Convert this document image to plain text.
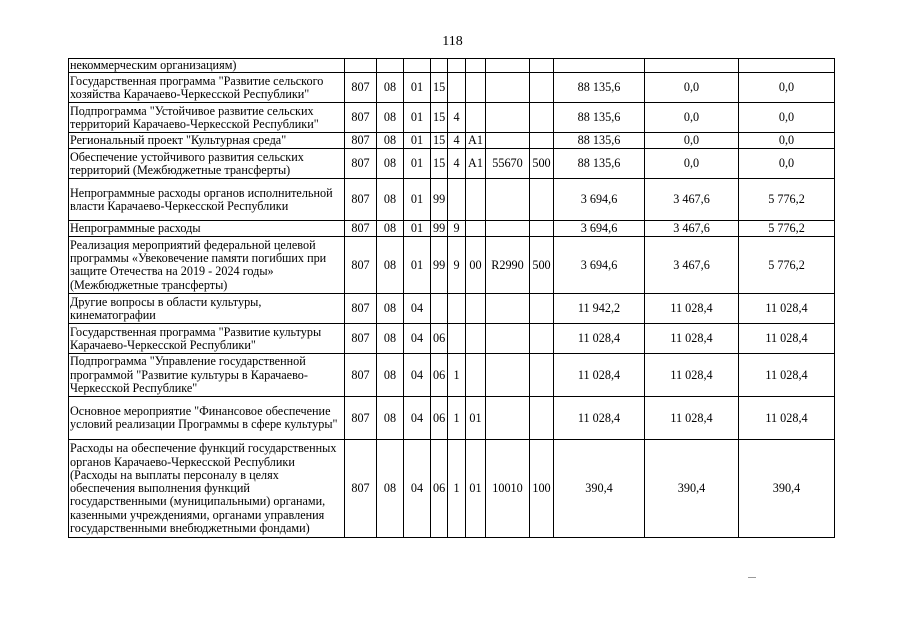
118
некоммерческим организациям)											
Государственная программа "Развитие сельского хозяйства Карачаево-Черкесской Республики"	807	08	01	15					88 135,6	0,0	0,0
Подпрограмма "Устойчивое развитие сельских территорий Карачаево-Черкесской Республики"	807	08	01	15	4				88 135,6	0,0	0,0
Региональный проект "Культурная среда"	807	08	01	15	4	A1			88 135,6	0,0	0,0
Обеспечение устойчивого развития сельских территорий (Межбюджетные трансферты)	807	08	01	15	4	A1	55670	500	88 135,6	0,0	0,0
Непрограммные расходы органов исполнительной власти Карачаево-Черкесской Республики	807	08	01	99					3 694,6	3 467,6	5 776,2
Непрограммные расходы	807	08	01	99	9				3 694,6	3 467,6	5 776,2
Реализация мероприятий федеральной целевой программы «Увековечение памяти погибших при защите Отечества на 2019 - 2024 годы» (Межбюджетные трансферты)	807	08	01	99	9	00	R2990	500	3 694,6	3 467,6	5 776,2
Другие вопросы в области культуры, кинематографии	807	08	04						11 942,2	11 028,4	11 028,4
Государственная программа "Развитие культуры Карачаево-Черкесской Республики"	807	08	04	06					11 028,4	11 028,4	11 028,4
Подпрограмма "Управление государственной программой "Развитие культуры в Карачаево-Черкесской Республике"	807	08	04	06	1				11 028,4	11 028,4	11 028,4
Основное мероприятие "Финансовое обеспечение условий реализации Программы в сфере культуры"	807	08	04	06	1	01			11 028,4	11 028,4	11 028,4
Расходы на обеспечение функций государственных органов Карачаево-Черкесской Республики (Расходы на выплаты персоналу в целях обеспечения выполнения функций государственными (муниципальными) органами, казенными учреждениями, органами управления государственными внебюджетными фондами)	807	08	04	06	1	01	10010	100	390,4	390,4	390,4
